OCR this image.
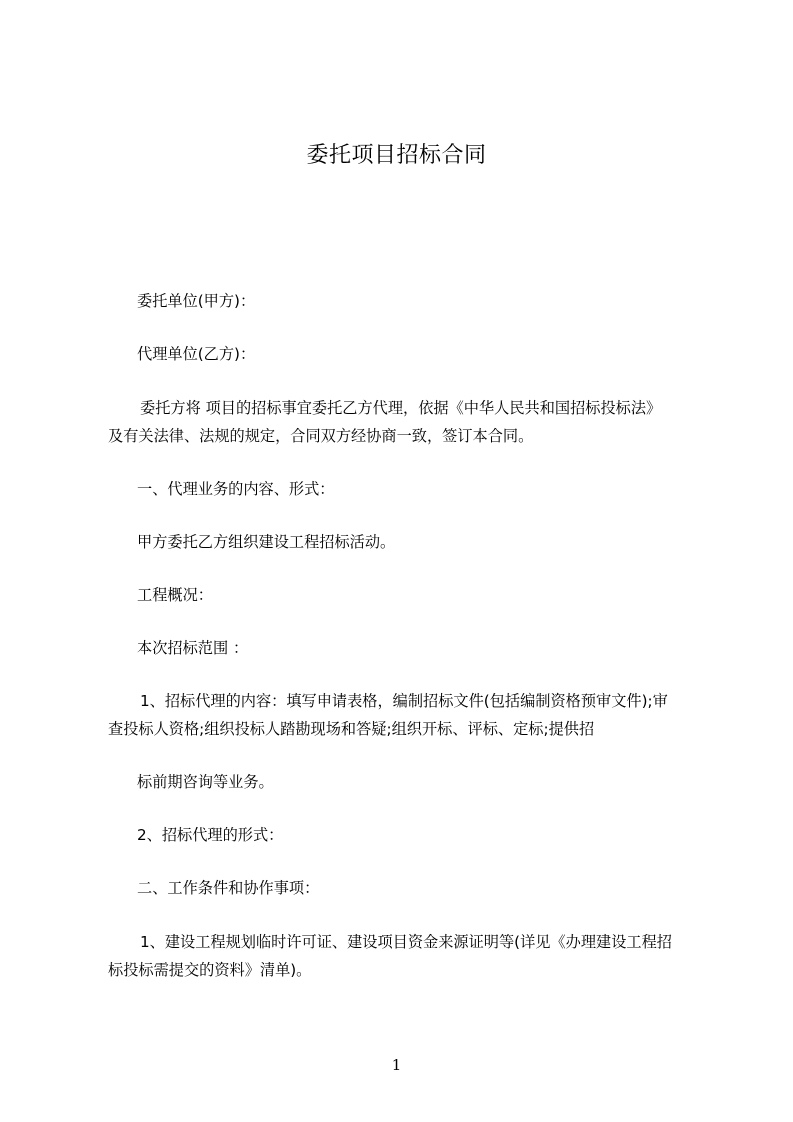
委托项目招标合同
委托单位(甲方)：
代理单位(乙方)：
委托方将 项目的招标事宜委托乙方代理，依据《中华人民共和国招标投标法》
及有关法律、法规的规定，合同双方经协商一致，签订本合同。
一、代理业务的内容、形式：
甲方委托乙方组织建设工程招标活动。
工程概况：
本次招标范围 ：
1、招标代理的内容：填写申请表格，编制招标文件(包括编制资格预审文件);审
查投标人资格;组织投标人踏勘现场和答疑;组织开标、评标、定标;提供招
标前期咨询等业务。
2、招标代理的形式：
二、工作条件和协作事项：
1、建设工程规划临时许可证、建设项目资金来源证明等(详见《办理建设工程招
标投标需提交的资料》清单)。
1
